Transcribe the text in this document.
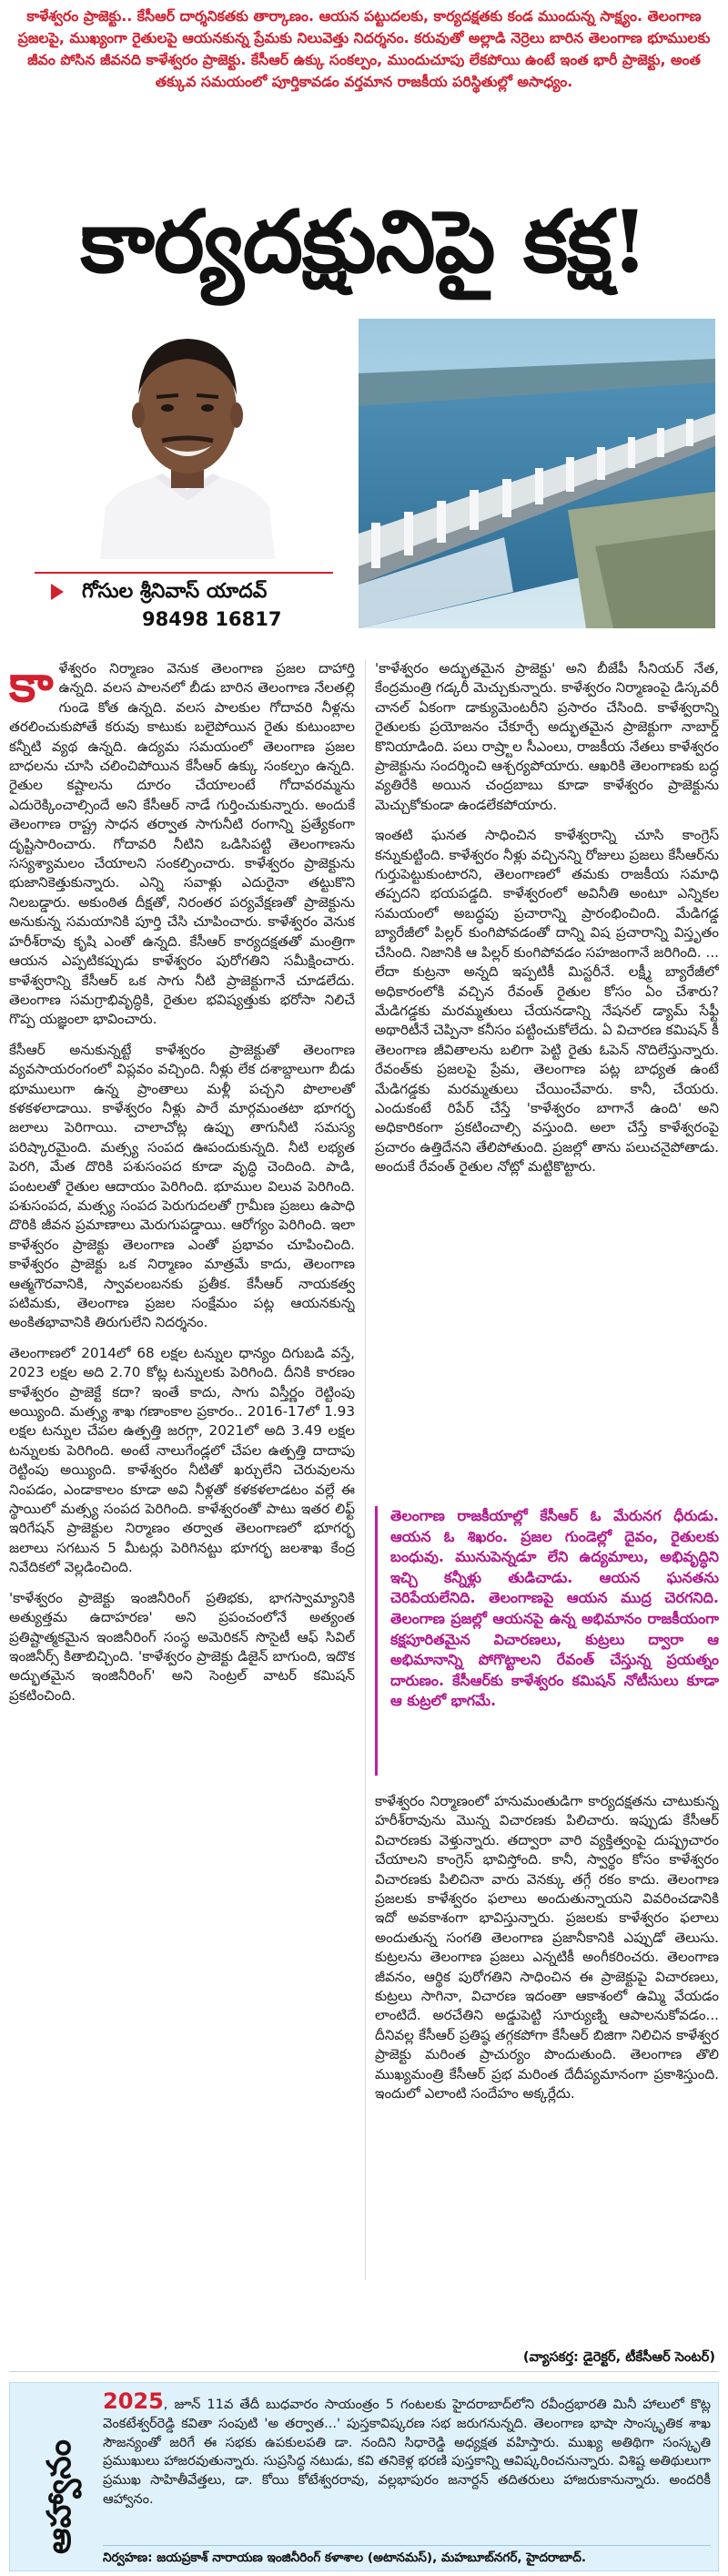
కాళేశ్వరం ప్రాజెక్టు.. కేసీఆర్ దార్శనికతకు తార్కాణం. ఆయన పట్టుదలకు, కార్యదక్షతకు కండ ముందున్న సాక్ష్యం. తెలంగాణ ప్రజలపై, ముఖ్యంగా రైతులపై ఆయనకున్న ప్రేమకు నిలువెత్తు నిదర్శనం. కరువుతో అల్లాడి నెర్రెలు బారిన తెలంగాణ భూములకు జీవం పోసిన జీవనది కాళేశ్వరం ప్రాజెక్టు. కేసీఆర్ ఉక్కు సంకల్పం, ముందుచూపు లేకపోయి ఉంటే ఇంత భారీ ప్రాజెక్టు, అంత తక్కువ సమయంలో పూర్తికావడం వర్తమాన రాజకీయ పరిస్థితుల్లో అసాధ్యం.
కార్యదక్షునిపై కక్ష!
గోసుల శ్రీనివాస్ యాదవ్
98498 16817

కాళేశ్వరం నిర్మాణం వెనుక తెలంగాణ ప్రజల దాహార్తి ఉన్నది. వలస పాలనలో బీడు బారిన తెలంగాణ నేలతల్లి గుండె కోత ఉన్నది. వలస పాలకుల గోదావరి నీళ్లను తరలించుకుపోతే కరువు కాటుకు బలైపోయిన రైతు కుటుంబాల కన్నీటి వ్యథ ఉన్నది. ఉద్యమ సమయంలో తెలంగాణ ప్రజల బాధలను చూసి చలించిపోయిన కేసీఆర్ ఉక్కు సంకల్పం ఉన్నది. రైతుల కష్టాలను దూరం చేయాలంటే గోదావరమ్మను ఎదురెక్కించాల్సిందే అని కేసీఆర్ నాడే గుర్తించుకున్నారు. అందుకే తెలంగాణ రాష్ట్ర సాధన తర్వాత సాగునీటి రంగాన్ని ప్రత్యేకంగా దృష్టిసారించారు. గోదావరి నీటిని ఒడిసిపట్టి తెలంగాణను సస్యశ్యామలం చేయాలని సంకల్పించారు. కాళేశ్వరం ప్రాజెక్టును భుజానికెత్తుకున్నారు. ఎన్ని సవాళ్లు ఎదురైనా తట్టుకొని నిలబడ్డారు. అకుంఠిత దీక్షతో, నిరంతర పర్యవేక్షణతో ప్రాజెక్టును అనుకున్న సమయానికి పూర్తి చేసి చూపించారు. కాళేశ్వరం వెనుక హరీశ్‌రావు కృషి ఎంతో ఉన్నది. కేసీఆర్ కార్యదక్షతతో మంత్రిగా ఆయన ఎప్పటికప్పుడు కాళేశ్వరం పురోగతిని సమీక్షించారు. కాళేశ్వరాన్ని కేసీఆర్ ఒక సాగు నీటి ప్రాజెక్టుగానే చూడలేదు. తెలంగాణ సమగ్రాభివృద్ధికి, రైతుల భవిష్యత్తుకు భరోసా నిలిచే గొప్ప యజ్ఞంలా భావించారు.

కేసీఆర్ అనుకున్నట్టే కాళేశ్వరం ప్రాజెక్టుతో తెలంగాణ వ్యవసాయరంగంలో విప్లవం వచ్చింది. నీళ్లు లేక దశాబ్దాలుగా బీడు భూములుగా ఉన్న ప్రాంతాలు మళ్లీ పచ్చని పొలాలతో కళకళలాడాయి. కాళేశ్వరం నీళ్లు పారే మార్గమంతటా భూగర్భ జలాలు పెరిగాయి. చాలాచోట్ల ఉప్పు తాగునీటి సమస్య పరిష్కారమైంది. మత్స్య సంపద ఊపందుకున్నది. నీటి లభ్యత పెరగి, మేత దొరికి పశుసంపద కూడా వృద్ధి చెందింది. పాడి, పంటలతో రైతుల ఆదాయం పెరిగింది. భూముల విలువ పెరిగింది. పశుసంపద, మత్స్య సంపద పెరుగుదలతో గ్రామీణ ప్రజలు ఉపాధి దొరికి జీవన ప్రమాణాలు మెరుగుపడ్డాయి. ఆరోగ్యం పెరిగింది. ఇలా కాళేశ్వరం ప్రాజెక్టు తెలంగాణ ఎంతో ప్రభావం చూపించింది. కాళేశ్వరం ప్రాజెక్టు ఒక నిర్మాణం మాత్రమే కాదు, తెలంగాణ ఆత్మగౌరవానికి, స్వావలంబనకు ప్రతీక. కేసీఆర్ నాయకత్వ పటిమకు, తెలంగాణ ప్రజల సంక్షేమం పట్ల ఆయనకున్న అంకితభావానికి తిరుగులేని నిదర్శనం.

తెలంగాణలో 2014లో 68 లక్షల టన్నుల ధాన్యం దిగుబడి వస్తే, 2023 లక్షల అది 2.70 కోట్ల టన్నులకు పెరిగింది. దీనికి కారణం కాళేశ్వరం ప్రాజెక్టే కదా? ఇంతే కాదు, సాగు విస్తీర్ణం రెట్టింపు అయ్యింది. మత్స్య శాఖ గణాంకాల ప్రకారం.. 2016-17లో 1.93 లక్షల టన్నుల చేపల ఉత్పత్తి జరగ్గా, 2021లో అది 3.49 లక్షల టన్నులకు పెరిగింది. అంటే నాలుగేండ్లలో చేపల ఉత్పత్తి దాదాపు రెట్టింపు అయ్యింది. కాళేశ్వరం నీటితో ఖర్చులేని చెరువులను నింపడం, ఎండాకాలం కూడా అవి నీళ్లతో కళకళలాడటం వల్లే ఈ స్థాయిలో మత్స్య సంపద పెరిగింది. కాళేశ్వరంతో పాటు ఇతర లిఫ్ట్ ఇరిగేషన్ ప్రాజెక్టుల నిర్మాణం తర్వాత తెలంగాణలో భూగర్భ జలాలు సగటున 5 మీటర్లు పెరిగినట్టు భూగర్భ జలశాఖ కేంద్ర నివేదికలో వెల్లడించింది.

'కాళేశ్వరం ప్రాజెక్టు ఇంజినీరింగ్ ప్రతిభకు, భాగస్వామ్యానికి అత్యుత్తమ ఉదాహరణ' అని ప్రపంచంలోనే అత్యంత ప్రతిష్టాత్మకమైన ఇంజినీరింగ్ సంస్థ అమెరికన్ సొసైటీ ఆఫ్ సివిల్ ఇంజినీర్స్ కితాబిచ్చింది. 'కాళేశ్వరం ప్రాజెక్టు డిజైన్ బాగుంది, ఇదొక అద్భుతమైన ఇంజినీరింగ్' అని సెంట్రల్ వాటర్ కమిషన్ ప్రకటించింది.

'కాళేశ్వరం అద్భుతమైన ప్రాజెక్టు' అని బీజేపీ సీనియర్ నేత, కేంద్రమంత్రి గడ్కరీ మెచ్చుకున్నారు. కాళేశ్వరం నిర్మాణంపై డిస్కవరీ చానల్ ఏకంగా డాక్యుమెంటరీని ప్రసారం చేసింది. కాళేశ్వరాన్ని రైతులకు ప్రయోజనం చేకూర్చే అద్భుతమైన ప్రాజెక్టుగా నాబార్డ్ కొనియాడింది. పలు రాష్ర్టాల సీఎంలు, రాజకీయ నేతలు కాళేశ్వరం ప్రాజెక్టును సందర్శించి ఆశ్చర్యపోయారు. ఆఖరికి తెలంగాణకు బద్ధ వ్యతిరేకి అయిన చంద్రబాబు కూడా కాళేశ్వరం ప్రాజెక్టును మెచ్చుకోకుండా ఉండలేకపోయారు.

ఇంతటి ఘనత సాధించిన కాళేశ్వరాన్ని చూసి కాంగ్రెస్ కన్నుకుట్టింది. కాళేశ్వరం నీళ్లు వచ్చినన్ని రోజులు ప్రజలు కేసీఆర్‌ను గుర్తుపెట్టుకుంటారని, తెలంగాణలో తమకు రాజకీయ సమాధి తప్పదని భయపడ్డది. కాళేశ్వరంలో అవినీతి అంటూ ఎన్నికల సమయంలో అబద్ధపు ప్రచారాన్ని ప్రారంభించింది. మేడిగడ్డ బ్యారేజీలో పిల్లర్ కుంగిపోవడంతో దాన్ని విష ప్రచారాన్ని విస్తృతం చేసింది. నిజానికి ఆ పిల్లర్ కుంగిపోవడం సహజంగానే జరిగింది. ... లేదా కుట్రనా అన్నది ఇప్పటికీ మిస్టరీనే. లక్ష్మీ బ్యారేజీలో అధికారంలోకి వచ్చిన రేవంత్ రైతుల కోసం ఏం చేశారు? మేడిగడ్డకు మరమ్మతులు చేయనడాన్ని నేషనల్ డ్యామ్ సేఫ్టీ అథారిటీనే చెప్పినా కనీసం పట్టించుకోలేదు. ఏ విచారణ కమిషన్ కీ తెలంగాణ జీవితాలను బలిగా పెట్టి రైతు ఓపెన్ నొదిలేస్తున్నారు. రేవంత్‌కు ప్రజలపై ప్రేమ, తెలంగాణ పట్ల బాధ్యత ఉంటే మేడిగడ్డకు మరమ్మతులు చేయించేవారు. కానీ, చేయరు. ఎందుకంటే రిపేర్ చేస్తే 'కాళేశ్వరం బాగానే ఉంది' అని అధికారికంగా ప్రకటించాల్సి వస్తుంది. అలా చేస్తే కాళేశ్వరంపై ప్రచారం ఉత్తిదేనని తేలిపోతుంది. ప్రజల్లో తాను పలుచనైపోతాడు. అందుకే రేవంత్ రైతుల నోట్లో మట్టికొట్టారు.

తెలంగాణ రాజకీయాల్లో కేసీఆర్ ఓ మేరునగ ధీరుడు. ఆయన ఓ శిఖరం. ప్రజల గుండెల్లో దైవం, రైతులకు బంధువు. మునుపెన్నడూ లేని ఉద్యమాలు, అభివృద్ధిని ఇచ్చి కన్నీళ్లు తుడిచాడు. ఆయన ఘనతను చెరిపేయలేనిది. తెలంగాణపై ఆయన ముద్ర చెరగనిది. తెలంగాణ ప్రజల్లో ఆయనపై ఉన్న అభిమానం రాజకీయంగా కక్షపూరితమైన విచారణలు, కుట్రలు ద్వారా ఆ అభిమానాన్ని పోగొట్టాలని రేవంత్ చేస్తున్న ప్రయత్నం దారుణం. కేసీఆర్‌కు కాళేశ్వరం కమిషన్ నోటీసులు కూడా ఆ కుట్రలో భాగమే.

కాళేశ్వరం నిర్మాణంలో హనుమంతుడిగా కార్యదక్షతను చాటుకున్న హరీశ్‌రావును మొన్న విచారణకు పిలిచారు. ఇప్పుడు కేసీఆర్ విచారణకు వెళ్తున్నారు. తద్వారా వారి వ్యక్తిత్వంపై దుష్ప్రచారం చేయాలని కాంగ్రెస్ భావిస్తోంది. కానీ, స్వార్థం కోసం కాళేశ్వరం విచారణకు పిలిచినా వారు వెనక్కు తగ్గే రకం కాదు. తెలంగాణ ప్రజలకు కాళేశ్వరం ఫలాలు అందుతున్నాయని వివరించడానికి ఇదో అవకాశంగా భావిస్తున్నారు. ప్రజలకు కాళేశ్వరం ఫలాలు అందుతున్న సంగతి తెలంగాణ ప్రజానీకానికి ఎప్పుడో తెలుసు. కుట్రలను తెలంగాణ ప్రజలు ఎన్నటికీ అంగీకరించరు. తెలంగాణ జీవనం, ఆర్థిక పురోగతిని సాధించిన ఈ ప్రాజెక్టుపై విచారణలు, కుట్రలు సాగినా, విచారణ ఇదంతా ఆకాశంలో ఉమ్మి వేయడం లాంటిదే. అరచేతిని అడ్డుపెట్టి సూర్యుణ్ని ఆపాలనుకోవడం... దీనివల్ల కేసీఆర్ ప్రతిష్ఠ తగ్గకపోగా కేసీఆర్ బిజిగా నిలిచిన కాళేశ్వర ప్రాజెక్టు మరింత ప్రాచుర్యం పొందుతుంది. తెలంగాణ తొలి ముఖ్యమంత్రి కేసీఆర్ ప్రభ మరింత దేదీప్యమానంగా ప్రకాశిస్తుంది. ఇందులో ఎలాంటి సందేహం అక్కర్లేదు.

(వ్యాసకర్త: డైరెక్టర్, టీకేసీఆర్ సెంటర్)
ఆహ్వానం
2025, జూన్ 11వ తేదీ బుధవారం సాయంత్రం 5 గంటలకు హైదరాబాద్‌లోని రవీంద్రభారతి మినీ హాలులో కొట్ల వెంకటేశ్వర్‌రెడ్డి కవితా సంపుటి 'అ తర్వాత...' పుస్తకావిష్కరణ సభ జరుగనున్నది. తెలంగాణ భాషా సాంస్కృతిక శాఖ సౌజన్యంతో జరిగే ఈ సభకు ఉపకులపతి డా. నందిని సిధారెడ్డి అధ్యక్షత వహిస్తారు. ముఖ్య అతిథిగా సంస్కృతి ప్రముఖులు హాజరవుతున్నారు. సుప్రసిద్ధ నటుడు, కవి తనికెళ్ల భరణి పుస్తకాన్ని ఆవిష్కరించనున్నారు. విశిష్ట అతిథులుగా ప్రముఖ సాహితీవేత్తలు, డా. కోయి కోటేశ్వరరావు, వల్లభాపురం జనార్దన్ తదితరులు హాజరుకానున్నారు. అందరికీ ఆహ్వానం.
నిర్వహణ: జయప్రకాశ్ నారాయణ ఇంజినీరింగ్ కళాశాల (అటానమస్), మహబూబ్‌నగర్, హైదరాబాద్.
